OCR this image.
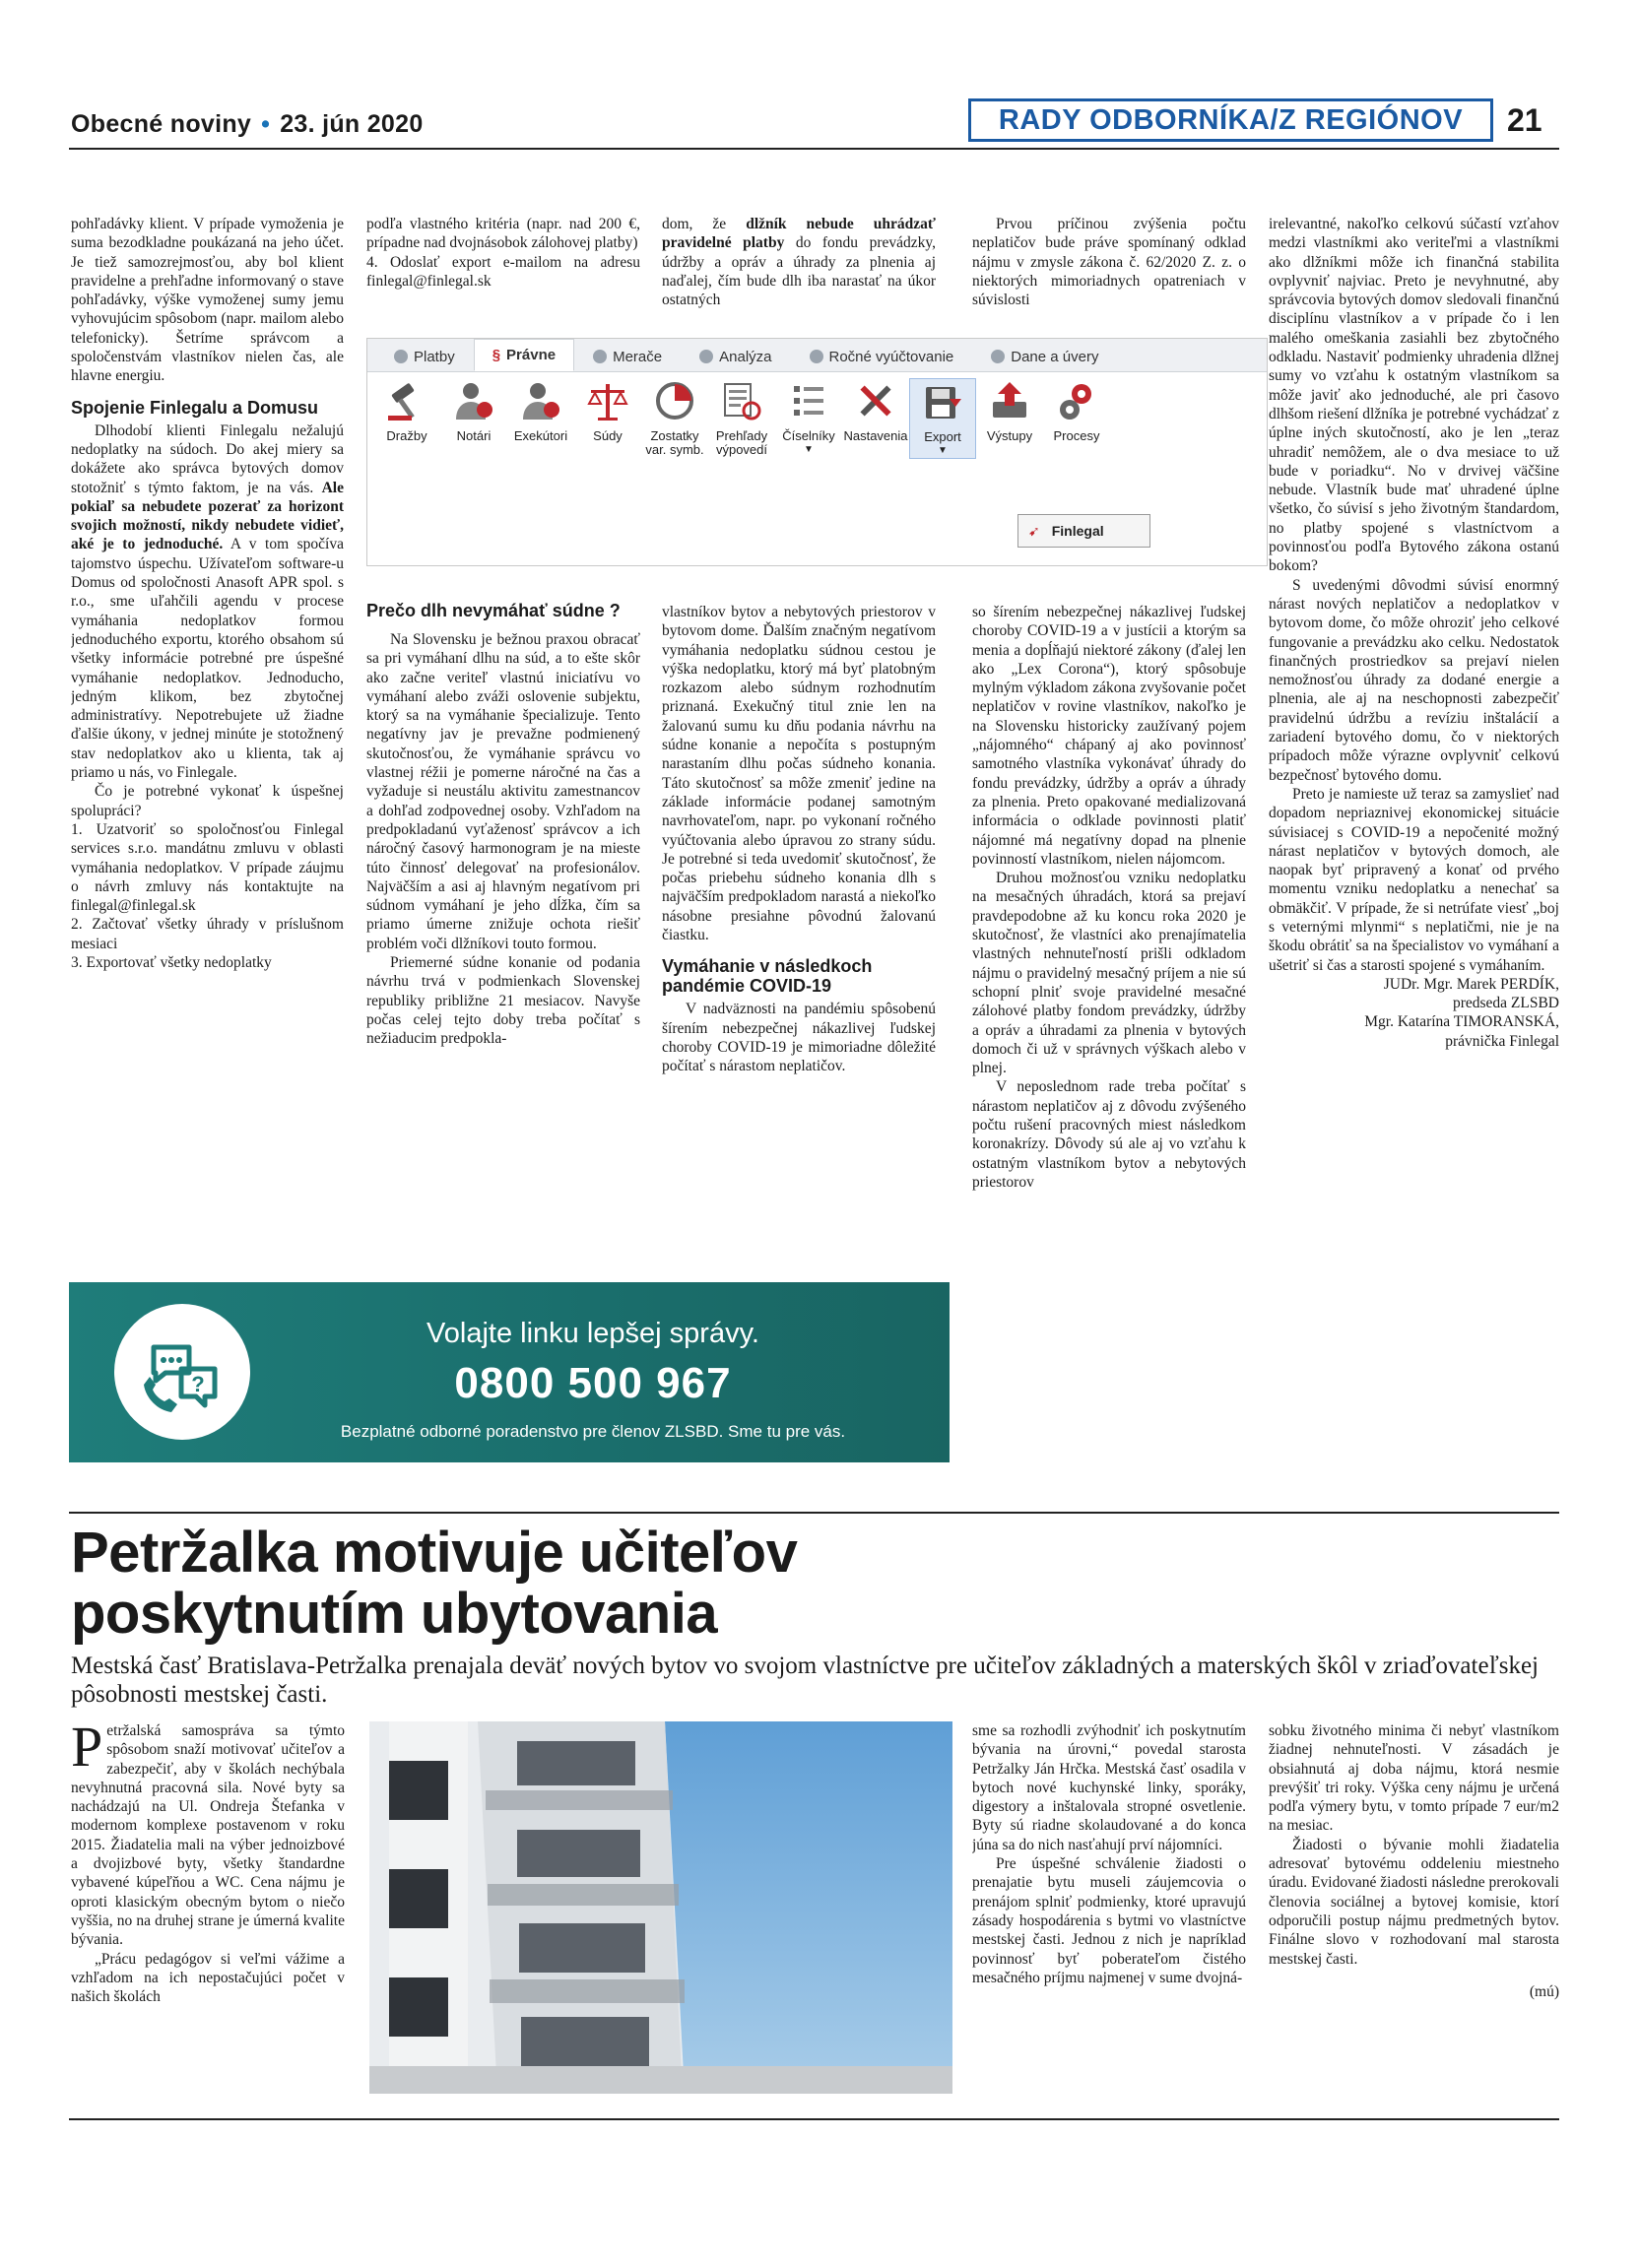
Obecné noviny • 23. jún 2020	RADY ODBORNÍKA/Z REGIÓNOV	21

pohľadávky klient. V prípade vymoženia je suma bezodkladne poukázaná na jeho účet. Je tiež samozrejmosťou, aby bol klient pravidelne a prehľadne informovaný o stave pohľadávky, výške vymoženej sumy jemu vyhovujúcim spôsobom (napr. mailom alebo telefonicky). Šetríme správcom a spoločenstvám vlastníkov nielen čas, ale hlavne energiu.

Spojenie Finlegalu a Domusu

Dlhodobí klienti Finlegalu nežalujú nedoplatky na súdoch. Do akej miery sa dokážete ako správca bytových domov stotožniť s týmto faktom, je na vás. Ale pokiaľ sa nebudete pozerať za horizont svojich možností, nikdy nebudete vidieť, aké je to jednoduché. A v tom spočíva tajomstvo úspechu. Užívateľom software-u Domus od spoločnosti Anasoft APR spol. s r.o., sme uľahčili agendu v procese vymáhania nedoplatkov formou jednoduchého exportu, ktorého obsahom sú všetky informácie potrebné pre úspešné vymáhanie nedoplatkov. Jednoducho, jedným klikom, bez zbytočnej administratívy. Nepotrebujete už žiadne ďalšie úkony, v jednej minúte je stotožnený stav nedoplatkov ako u klienta, tak aj priamo u nás, vo Finlegale.

Čo je potrebné vykonať k úspešnej spolupráci?

1. Uzatvoriť so spoločnosťou Finlegal services s.r.o. mandátnu zmluvu v oblasti vymáhania nedoplatkov. V prípade záujmu o návrh zmluvy nás kontaktujte na finlegal@finlegal.sk

2. Začtovať všetky úhrady v príslušnom mesiaci

3. Exportovať všetky nedoplatky

podľa vlastného kritéria (napr. nad 200 €, prípadne nad dvojnásobok zálohovej platby)

4. Odoslať export e-mailom na adresu finlegal@finlegal.sk

dom, že dlžník nebude uhrádzať pravidelné platby do fondu prevádzky, údržby a opráv a úhrady za plnenia aj naďalej, čím bude dlh iba narastať na úkor ostatných

Prvou príčinou zvýšenia počtu neplatičov bude práve spomínaný odklad nájmu v zmysle zákona č. 62/2020 Z. z. o niektorých mimoriadnych opatreniach v súvislosti

Platby	§ Právne	Merače	Analýza	Ročné vyúčtovanie	Dane a úvery
Dražby Notári Exekútori Súdy	Zostatky var. symb.
Prehľady výpovedí
Číselníky
▼
Nastavenia Export
▼
Výstupy Procesy
➹ Finlegal
Prečo dlh nevymáhať súdne ?

Na Slovensku je bežnou praxou obracať sa pri vymáhaní dlhu na súd, a to ešte skôr ako začne veriteľ vlastnú iniciatívu vo vymáhaní alebo zváži oslovenie subjektu, ktorý sa na vymáhanie špecializuje. Tento negatívny jav je prevažne podmienený skutočnosťou, že vymáhanie správcu vo vlastnej réžii je pomerne náročné na čas a vyžaduje si neustálu aktivitu zamestnancov a dohľad zodpovednej osoby. Vzhľadom na predpokladanú vyťaženosť správcov a ich náročný časový harmonogram je na mieste túto činnosť delegovať na profesionálov. Najväčším a asi aj hlavným negatívom pri súdnom vymáhaní je jeho dĺžka, čím sa priamo úmerne znižuje ochota riešiť problém voči dlžníkovi touto formou.

Priemerné súdne konanie od podania návrhu trvá v podmienkach Slovenskej republiky približne 21 mesiacov. Navyše počas celej tejto doby treba počítať s nežiaducim predpokla-

vlastníkov bytov a nebytových priestorov v bytovom dome. Ďalším značným negatívom vymáhania nedoplatku súdnou cestou je výška nedoplatku, ktorý má byť platobným rozkazom alebo súdnym rozhodnutím priznaná. Exekučný titul znie len na žalovanú sumu ku dňu podania návrhu na súdne konanie a nepočíta s postupným narastaním dlhu počas súdneho konania. Táto skutočnosť sa môže zmeniť jedine na základe informácie podanej samotným navrhovateľom, napr. po vykonaní ročného vyúčtovania alebo úpravou zo strany súdu. Je potrebné si teda uvedomiť skutočnosť, že počas priebehu súdneho konania dlh s najväčším predpokladom narastá a niekoľko násobne presiahne pôvodnú žalovanú čiastku.

Vymáhanie v následkoch pandémie COVID-19

V nadväznosti na pandémiu spôsobenú šírením nebezpečnej nákazlivej ľudskej choroby COVID-19 je mimoriadne dôležité počítať s nárastom neplatičov.

so šírením nebezpečnej nákazlivej ľudskej choroby COVID-19 a v justícii a ktorým sa menia a dopĺňajú niektoré zákony (ďalej len ako „Lex Corona“), ktorý spôsobuje mylným výkladom zákona zvyšovanie počet neplatičov v rovine vlastníkov, nakoľko je na Slovensku historicky zaužívaný pojem „nájomného“ chápaný aj ako povinnosť samotného vlastníka vykonávať úhrady do fondu prevádzky, údržby a opráv a úhrady za plnenia. Preto opakované medializovaná informácia o odklade povinnosti platiť nájomné má negatívny dopad na plnenie povinností vlastníkom, nielen nájomcom.

Druhou možnosťou vzniku nedoplatku na mesačných úhradách, ktorá sa prejaví pravdepodobne až ku koncu roka 2020 je skutočnosť, že vlastníci ako prenajímatelia vlastných nehnuteľností prišli odkladom nájmu o pravidelný mesačný príjem a nie sú schopní plniť svoje pravidelné mesačné zálohové platby fondom prevádzky, údržby a opráv a úhradami za plnenia v bytových domoch či už v správnych výškach alebo v plnej.

V neposlednom rade treba počítať s nárastom neplatičov aj z dôvodu zvýšeného počtu rušení pracovných miest následkom koronakrízy. Dôvody sú ale aj vo vzťahu k ostatným vlastníkom bytov a nebytových priestorov

irelevantné, nakoľko celkovú súčastí vzťahov medzi vlastníkmi ako veriteľmi a vlastníkmi ako dlžníkmi môže ich finančná stabilita ovplyvniť najviac. Preto je nevyhnutné, aby správcovia bytových domov sledovali finančnú disciplínu vlastníkov a v prípade čo i len malého omeškania zasiahli bez zbytočného odkladu. Nastaviť podmienky uhradenia dlžnej sumy vo vzťahu k ostatným vlastníkom sa môže javiť ako jednoduché, ale pri časovo dlhšom riešení dlžníka je potrebné vychádzať z úplne iných skutočností, ako je len „teraz uhradiť nemôžem, ale o dva mesiace to už bude v poriadku“. No v drvivej väčšine nebude. Vlastník bude mať uhradené úplne všetko, čo súvisí s jeho životným štandardom, no platby spojené s vlastníctvom a povinnosťou podľa Bytového zákona ostanú bokom?

S uvedenými dôvodmi súvisí enormný nárast nových neplatičov a nedoplatkov v bytovom dome, čo môže ohroziť jeho celkové fungovanie a prevádzku ako celku. Nedostatok finančných prostriedkov sa prejaví nielen nemožnosťou úhrady za dodané energie a plnenia, ale aj na neschopnosti zabezpečiť pravidelnú údržbu a revíziu inštalácií a zariadení bytového domu, čo v niektorých prípadoch môže výrazne ovplyvniť celkovú bezpečnosť bytového domu.

Preto je namieste už teraz sa zamyslieť nad dopadom nepriaznivej ekonomickej situácie súvisiacej s COVID-19 a nepočenité možný nárast neplatičov v bytových domoch, ale naopak byť pripravený a konať od prvého momentu vzniku nedoplatku a nenechať sa obmäkčiť. V prípade, že si netrúfate viesť „boj s veternými mlynmi“ s neplatičmi, nie je na škodu obrátiť sa na špecialistov vo vymáhaní a ušetriť si čas a starosti spojené s vymáhaním.

JUDr. Mgr. Marek PERDÍK,

predseda ZLSBD

Mgr. Katarína TIMORANSKÁ,

právnička Finlegal

?
Volajte linku lepšej správy.
0800 500 967
Bezplatné odborné poradenstvo pre členov ZLSBD. Sme tu pre vás.
Petržalka motivuje učiteľov
poskytnutím ubytovania
Mestská časť Bratislava-Petržalka prenajala deväť nových bytov vo svojom vlastníctve pre učiteľov základných a materských škôl v zriaďovateľskej pôsobnosti mestskej časti.

Petržalská samospráva sa týmto spôsobom snaží motivovať učiteľov a zabezpečiť, aby v školách nechýbala nevyhnutná pracovná sila. Nové byty sa nachádzajú na Ul. Ondreja Štefanka v modernom komplexe postavenom v roku 2015. Žiadatelia mali na výber jednoizbové a dvojizbové byty, všetky štandardne vybavené kúpeľňou a WC. Cena nájmu je oproti klasickým obecným bytom o niečo vyššia, no na druhej strane je úmerná kvalite bývania.

„Prácu pedagógov si veľmi vážime a vzhľadom na ich nepostačujúci počet v našich školách

sme sa rozhodli zvýhodniť ich poskytnutím bývania na úrovni,“ povedal starosta Petržalky Ján Hrčka. Mestská časť osadila v bytoch nové kuchynské linky, sporáky, digestory a inštalovala stropné osvetlenie. Byty sú riadne skolaudované a do konca júna sa do nich nasťahují prví nájomníci.

Pre úspešné schválenie žiadosti o prenajatie bytu museli záujemcovia o prenájom splniť podmienky, ktoré upravujú zásady hospodárenia s bytmi vo vlastníctve mestskej časti. Jednou z nich je napríklad povinnosť byť poberateľom čistého mesačného príjmu najmenej v sume dvojná-

sobku životného minima či nebyť vlastníkom žiadnej nehnuteľnosti. V zásadách je obsiahnutá aj doba nájmu, ktorá nesmie prevýšiť tri roky. Výška ceny nájmu je určená podľa výmery bytu, v tomto prípade 7 eur/m2 na mesiac.

Žiadosti o bývanie mohli žiadatelia adresovať bytovému oddeleniu miestneho úradu. Evidované žiadosti následne prerokovali členovia sociálnej a bytovej komisie, ktorí odporučili postup nájmu predmetných bytov. Finálne slovo v rozhodovaní mal starosta mestskej časti.

(mú)
